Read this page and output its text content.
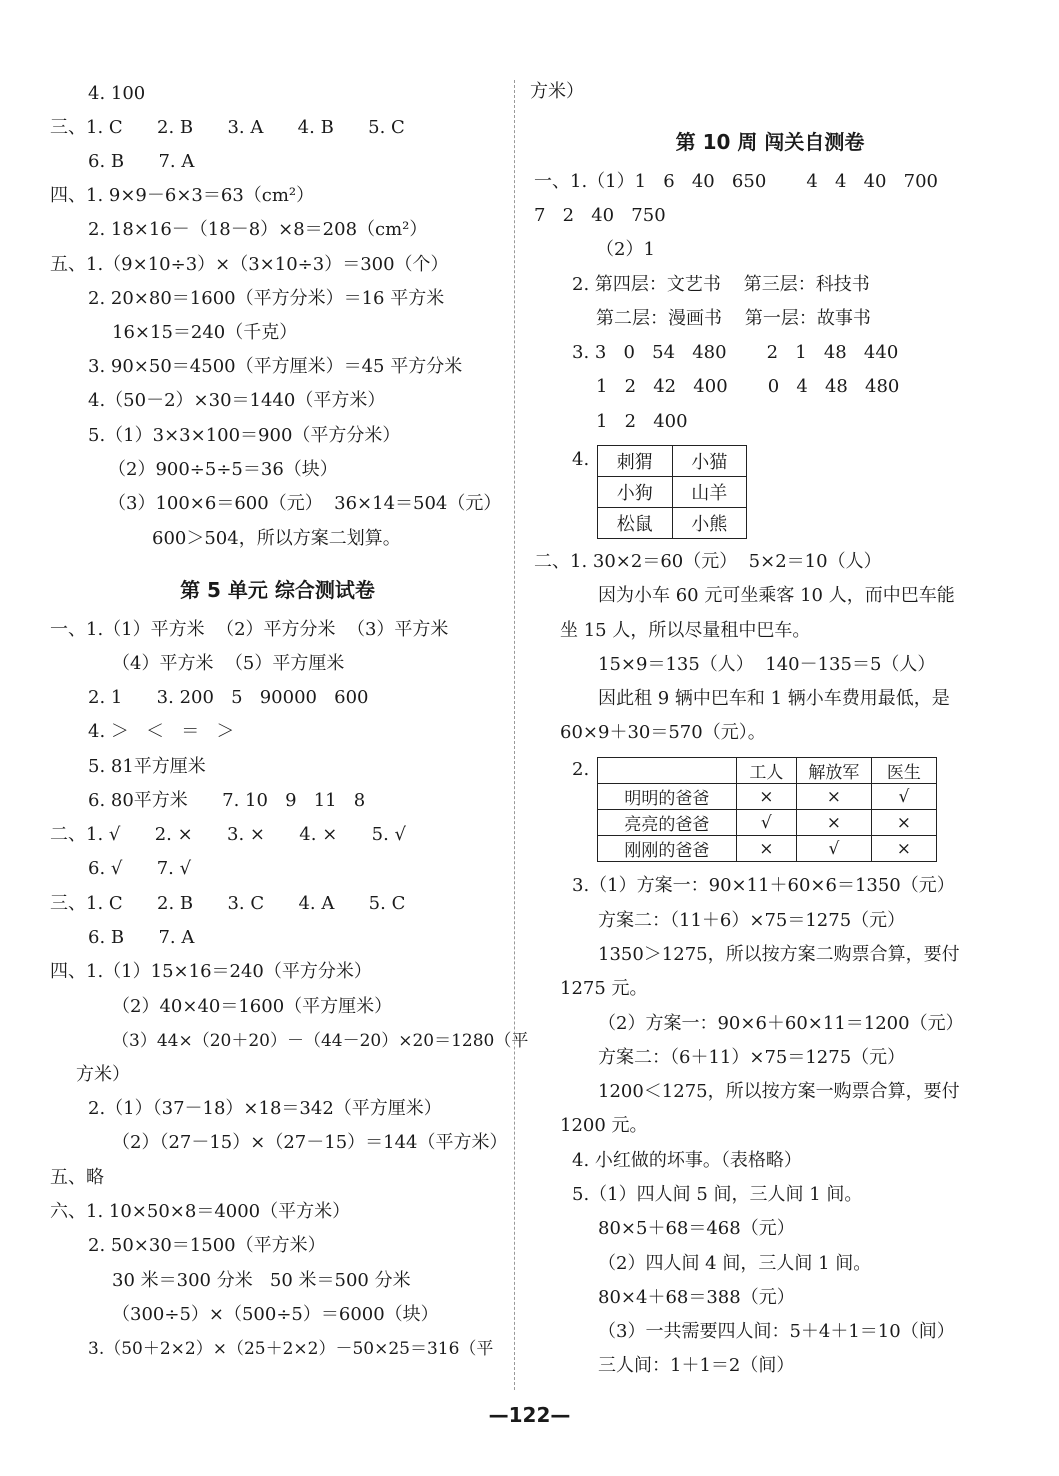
4. 100
三、1. C      2. B      3. A      4. B      5. C
6. B      7. A
四、1. 9×9－6×3＝63（cm²）
2. 18×16－（18－8）×8＝208（cm²）
五、1.（9×10÷3）×（3×10÷3）＝300（个）
2. 20×80＝1600（平方分米）＝16 平方米
16×15＝240（千克）
3. 90×50＝4500（平方厘米）＝45 平方分米
4.（50－2）×30＝1440（平方米）
5.（1）3×3×100＝900（平方分米）
（2）900÷5÷5＝36（块）
（3）100×6＝600（元）  36×14＝504（元）
600＞504，所以方案二划算。
第 5 单元 综合测试卷
一、1.（1）平方米  （2）平方分米  （3）平方米
（4）平方米  （5）平方厘米
2. 1      3. 200   5   90000   600
4. ＞   ＜   ＝   ＞
5. 81平方厘米
6. 80平方米      7. 10   9   11   8
二、1. √      2. ×      3. ×      4. ×      5. √
6. √      7. √
三、1. C      2. B      3. C      4. A      5. C
6. B      7. A
四、1.（1）15×16＝240（平方分米）
（2）40×40＝1600（平方厘米）
（3）44×（20＋20）－（44－20）×20＝1280（平
方米）
2.（1）（37－18）×18＝342（平方厘米）
（2）（27－15）×（27－15）＝144（平方米）
五、略
六、1. 10×50×8＝4000（平方米）
2. 50×30＝1500（平方米）
30 米＝300 分米   50 米＝500 分米
（300÷5）×（500÷5）＝6000（块）
3.（50＋2×2）×（25＋2×2）－50×25＝316（平
方米）
第 10 周 闯关自测卷
一、1.（1）1   6   40   650       4   4   40   700
7   2   40   750
（2）1
2. 第四层：文艺书    第三层：科技书
第二层：漫画书    第一层：故事书
3. 3   0   54   480       2   1   48   440
1   2   42   400       0   4   48   480
1   2   400
4. 刺猬	小猫
小狗	山羊
松鼠	小熊
二、1. 30×2＝60（元）  5×2＝10（人）
因为小车 60 元可坐乘客 10 人，而中巴车能
坐 15 人，所以尽量租中巴车。
15×9＝135（人）  140－135＝5（人）
因此租 9 辆中巴车和 1 辆小车费用最低，是
60×9＋30＝570（元）。
2.
		工人	解放军	医生
明明的爸爸	×	×	√
亮亮的爸爸	√	×	×
刚刚的爸爸	×	√	×
3.（1）方案一：90×11＋60×6＝1350（元）
方案二：（11＋6）×75＝1275（元）
1350＞1275，所以按方案二购票合算，要付
1275 元。
（2）方案一：90×6＋60×11＝1200（元）
方案二：（6＋11）×75＝1275（元）
1200＜1275，所以按方案一购票合算，要付
1200 元。
4. 小红做的坏事。（表格略）
5.（1）四人间 5 间，三人间 1 间。
80×5＋68＝468（元）
（2）四人间 4 间，三人间 1 间。
80×4＋68＝388（元）
（3）一共需要四人间：5＋4＋1＝10（间）
三人间：1＋1＝2（间）
—122—
